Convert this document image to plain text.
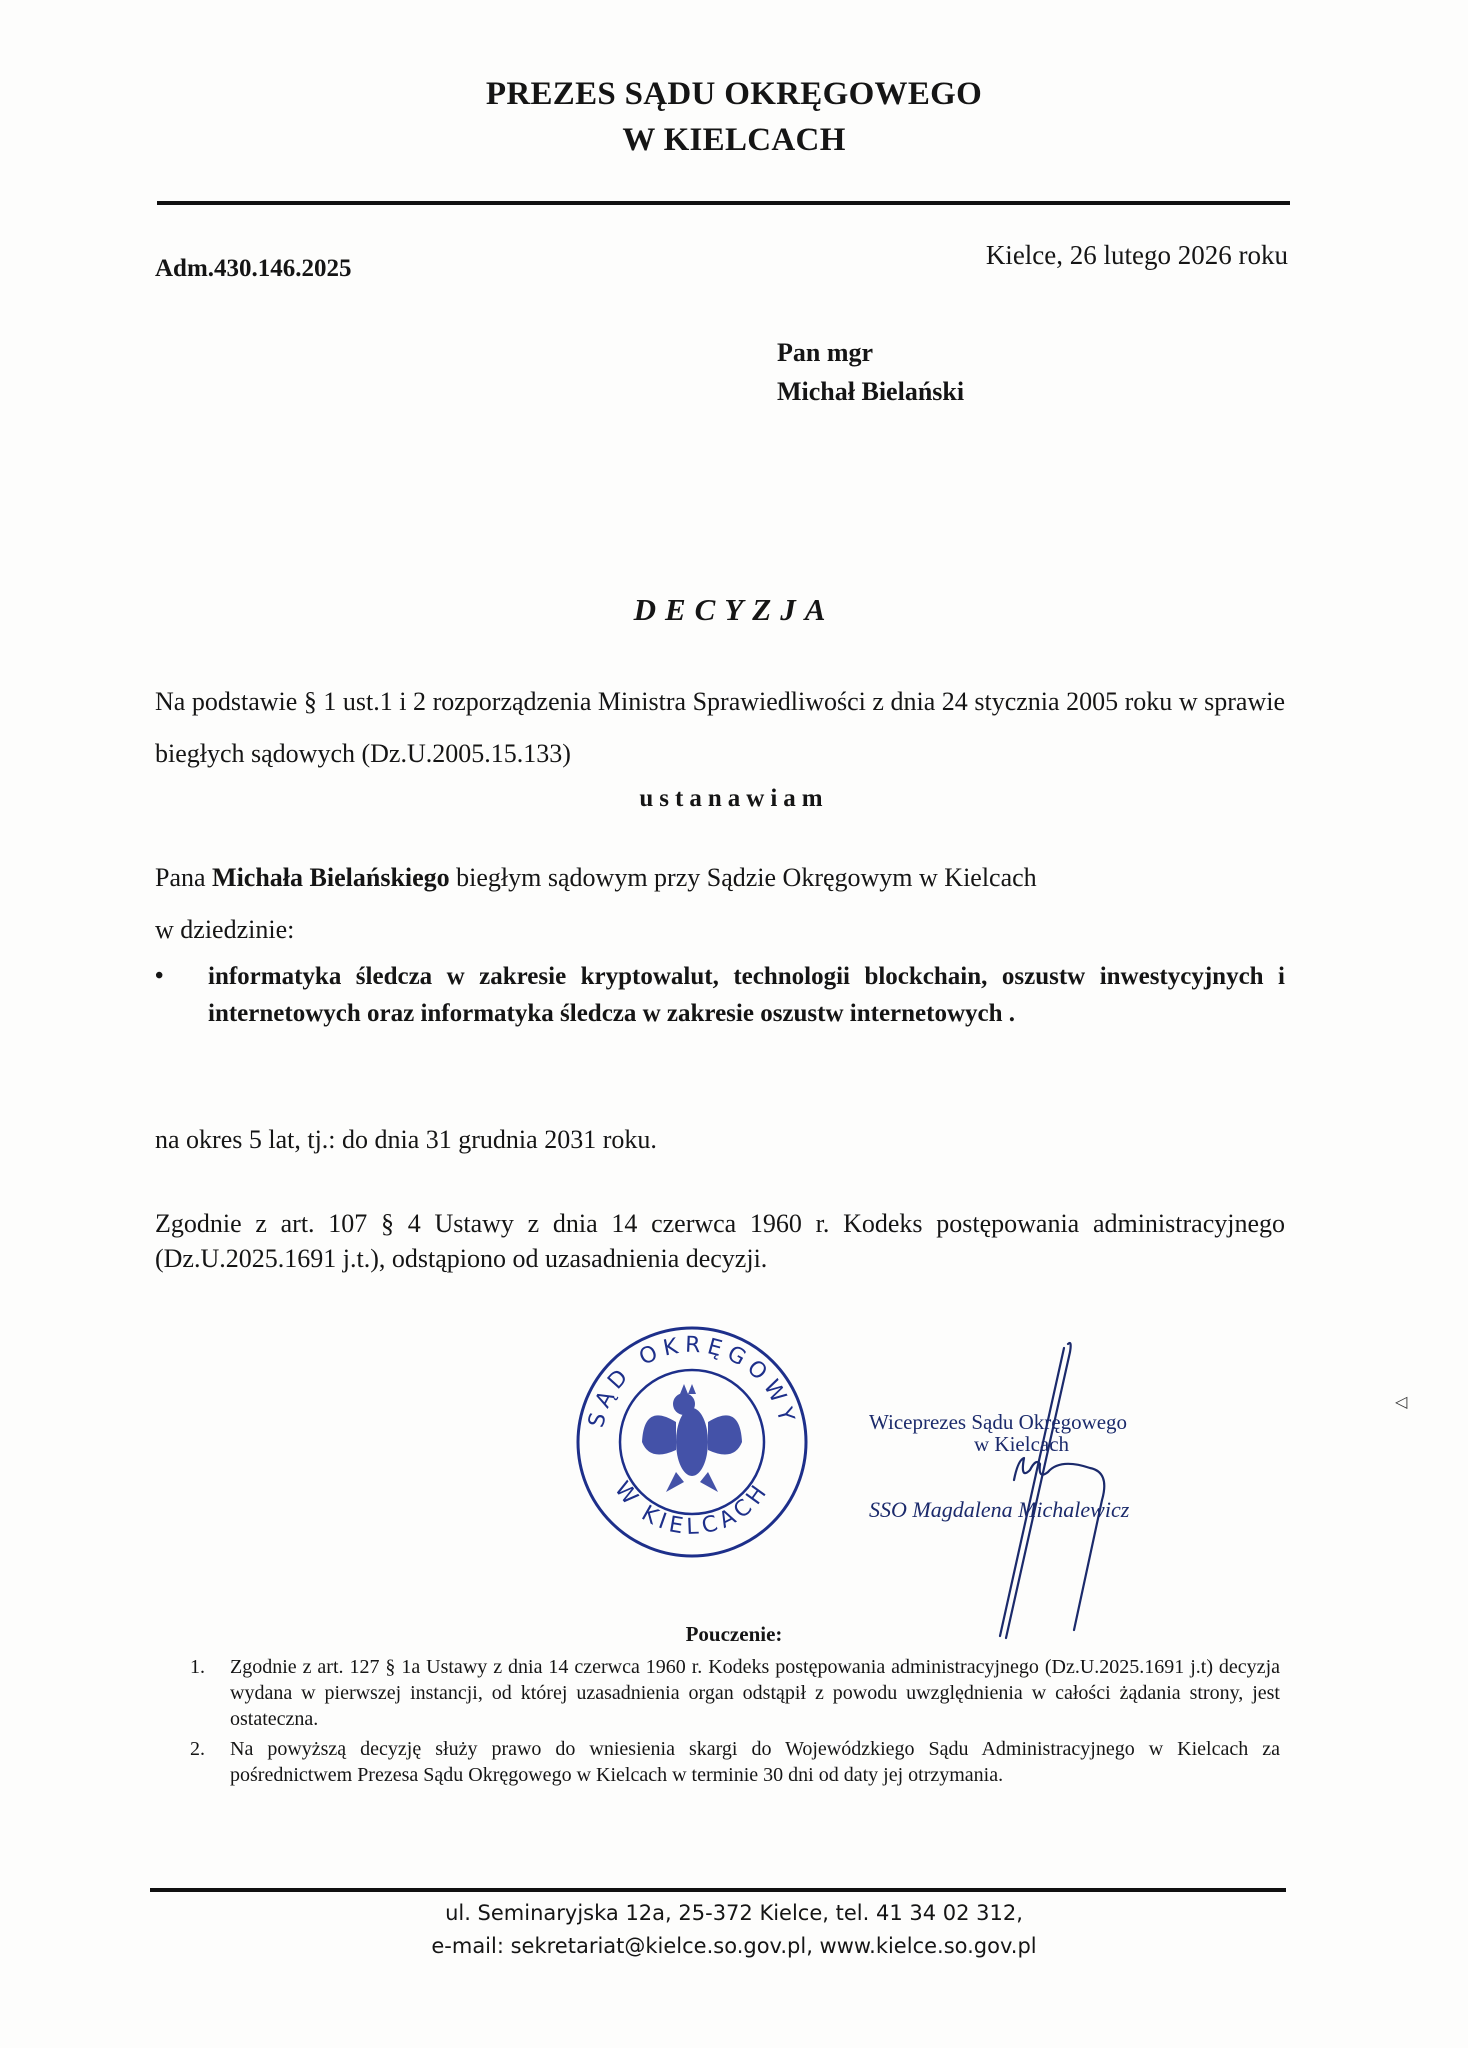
PREZES SĄDU OKRĘGOWEGO
W KIELCACH
Adm.430.146.2025	Kielce, 26 lutego 2026 roku
Pan mgr
Michał Bielański
DECYZJA
Na podstawie § 1 ust.1 i 2 rozporządzenia Ministra Sprawiedliwości z dnia 24 stycznia 2005 roku w sprawie biegłych sądowych (Dz.U.2005.15.133)
ustanawiam
Pana Michała Bielańskiego biegłym sądowym przy Sądzie Okręgowym w Kielcach
w dziedzinie:
• informatyka śledcza w zakresie kryptowalut, technologii blockchain, oszustw inwestycyjnych i internetowych oraz informatyka śledcza w zakresie oszustw internetowych .
na okres 5 lat, tj.: do dnia 31 grudnia 2031 roku.
Zgodnie z art. 107 § 4 Ustawy z dnia 14 czerwca 1960 r. Kodeks postępowania administracyjnego (Dz.U.2025.1691 j.t.), odstąpiono od uzasadnienia decyzji.
SĄD OKRĘGOWY
W KIELCACH
Wiceprezes Sądu Okręgowego
w Kielcach
SSO Magdalena Michalewicz
◁
Pouczenie:
1. Zgodnie z art. 127 § 1a Ustawy z dnia 14 czerwca 1960 r. Kodeks postępowania administracyjnego (Dz.U.2025.1691 j.t) decyzja wydana w pierwszej instancji, od której uzasadnienia organ odstąpił z powodu uwzględnienia w całości żądania strony, jest ostateczna.
2. Na powyższą decyzję służy prawo do wniesienia skargi do Wojewódzkiego Sądu Administracyjnego w Kielcach za pośrednictwem Prezesa Sądu Okręgowego w Kielcach w terminie 30 dni od daty jej otrzymania.
ul. Seminaryjska 12a, 25-372 Kielce, tel. 41 34 02 312,
e-mail: sekretariat@kielce.so.gov.pl, www.kielce.so.gov.pl
